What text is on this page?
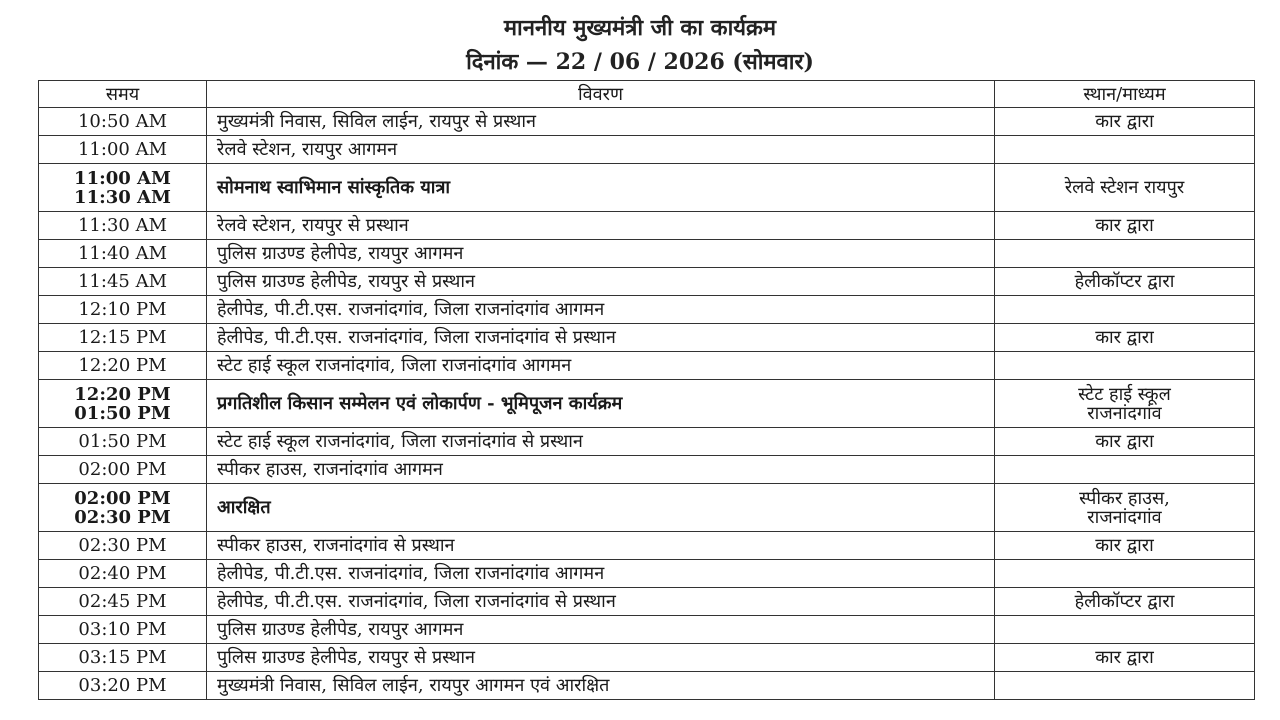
माननीय मुख्यमंत्री जी का कार्यक्रम
दिनांक — 22 / 06 / 2026 (सोमवार)
समय	विवरण	स्थान/माध्यम

10:50 AM	मुख्यमंत्री निवास, सिविल लाईन, रायपुर से प्रस्थान	कार द्वारा

11:00 AM	रेलवे स्टेशन, रायपुर आगमन	

11:00 AM
11:30 AM	सोमनाथ स्वाभिमान सांस्कृतिक यात्रा	रेलवे स्टेशन रायपुर

11:30 AM	रेलवे स्टेशन, रायपुर से प्रस्थान	कार द्वारा

11:40 AM	पुलिस ग्राउण्ड हेलीपेड, रायपुर आगमन	

11:45 AM	पुलिस ग्राउण्ड हेलीपेड, रायपुर से प्रस्थान	हेलीकॉप्टर द्वारा

12:10 PM	हेलीपेड, पी.टी.एस. राजनांदगांव, जिला राजनांदगांव आगमन	

12:15 PM	हेलीपेड, पी.टी.एस. राजनांदगांव, जिला राजनांदगांव से प्रस्थान	कार द्वारा

12:20 PM	स्टेट हाई स्कूल राजनांदगांव, जिला राजनांदगांव आगमन	

12:20 PM
01:50 PM	प्रगतिशील किसान सम्मेलन एवं लोकार्पण - भूमिपूजन कार्यक्रम	स्टेट हाई स्कूल
राजनांदगांव

01:50 PM	स्टेट हाई स्कूल राजनांदगांव, जिला राजनांदगांव से प्रस्थान	कार द्वारा

02:00 PM	स्पीकर हाउस, राजनांदगांव आगमन	

02:00 PM
02:30 PM	आरक्षित	स्पीकर हाउस,
राजनांदगांव

02:30 PM	स्पीकर हाउस, राजनांदगांव से प्रस्थान	कार द्वारा

02:40 PM	हेलीपेड, पी.टी.एस. राजनांदगांव, जिला राजनांदगांव आगमन	

02:45 PM	हेलीपेड, पी.टी.एस. राजनांदगांव, जिला राजनांदगांव से प्रस्थान	हेलीकॉप्टर द्वारा

03:10 PM	पुलिस ग्राउण्ड हेलीपेड, रायपुर आगमन	

03:15 PM	पुलिस ग्राउण्ड हेलीपेड, रायपुर से प्रस्थान	कार द्वारा

03:20 PM	मुख्यमंत्री निवास, सिविल लाईन, रायपुर आगमन एवं आरक्षित	
